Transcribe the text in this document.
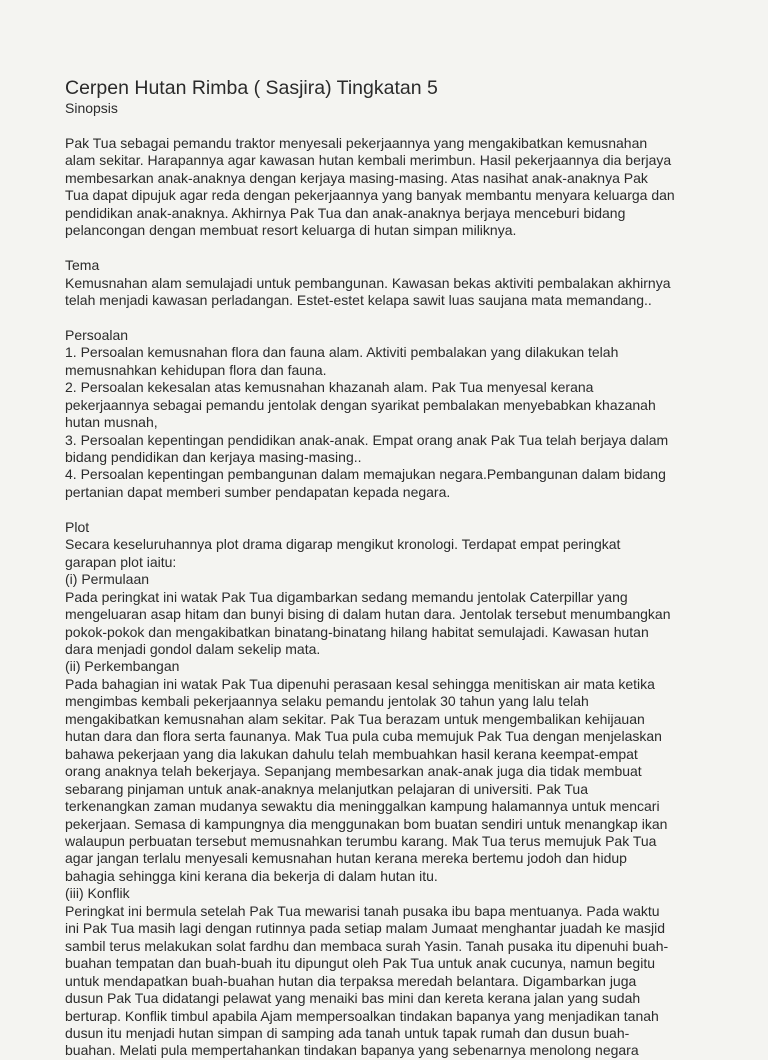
Cerpen Hutan Rimba ( Sasjira) Tingkatan 5
Sinopsis
Pak Tua sebagai pemandu traktor menyesali pekerjaannya yang mengakibatkan kemusnahan
alam sekitar. Harapannya agar kawasan hutan kembali merimbun. Hasil pekerjaannya dia berjaya
membesarkan anak-anaknya dengan kerjaya masing-masing. Atas nasihat anak-anaknya Pak
Tua dapat dipujuk agar reda dengan pekerjaannya yang banyak membantu menyara keluarga dan
pendidikan anak-anaknya. Akhirnya Pak Tua dan anak-anaknya berjaya menceburi bidang
pelancongan dengan membuat resort keluarga di hutan simpan miliknya.
Tema
Kemusnahan alam semulajadi untuk pembangunan. Kawasan bekas aktiviti pembalakan akhirnya
telah menjadi kawasan perladangan. Estet-estet kelapa sawit luas saujana mata memandang..
Persoalan
1. Persoalan kemusnahan flora dan fauna alam. Aktiviti pembalakan yang dilakukan telah
memusnahkan kehidupan flora dan fauna.
2. Persoalan kekesalan atas kemusnahan khazanah alam. Pak Tua menyesal kerana
pekerjaannya sebagai pemandu jentolak dengan syarikat pembalakan menyebabkan khazanah
hutan musnah,
3. Persoalan kepentingan pendidikan anak-anak. Empat orang anak Pak Tua telah berjaya dalam
bidang pendidikan dan kerjaya masing-masing..
4. Persoalan kepentingan pembangunan dalam memajukan negara.Pembangunan dalam bidang
pertanian dapat memberi sumber pendapatan kepada negara.
Plot
Secara keseluruhannya plot drama digarap mengikut kronologi. Terdapat empat peringkat
garapan plot iaitu:
(i) Permulaan
Pada peringkat ini watak Pak Tua digambarkan sedang memandu jentolak Caterpillar yang
mengeluaran asap hitam dan bunyi bising di dalam hutan dara. Jentolak tersebut menumbangkan
pokok-pokok dan mengakibatkan binatang-binatang hilang habitat semulajadi. Kawasan hutan
dara menjadi gondol dalam sekelip mata.
(ii) Perkembangan
Pada bahagian ini watak Pak Tua dipenuhi perasaan kesal sehingga menitiskan air mata ketika
mengimbas kembali pekerjaannya selaku pemandu jentolak 30 tahun yang lalu telah
mengakibatkan kemusnahan alam sekitar. Pak Tua berazam untuk mengembalikan kehijauan
hutan dara dan flora serta faunanya. Mak Tua pula cuba memujuk Pak Tua dengan menjelaskan
bahawa pekerjaan yang dia lakukan dahulu telah membuahkan hasil kerana keempat-empat
orang anaknya telah bekerjaya. Sepanjang membesarkan anak-anak juga dia tidak membuat
sebarang pinjaman untuk anak-anaknya melanjutkan pelajaran di universiti. Pak Tua
terkenangkan zaman mudanya sewaktu dia meninggalkan kampung halamannya untuk mencari
pekerjaan. Semasa di kampungnya dia menggunakan bom buatan sendiri untuk menangkap ikan
walaupun perbuatan tersebut memusnahkan terumbu karang. Mak Tua terus memujuk Pak Tua
agar jangan terlalu menyesali kemusnahan hutan kerana mereka bertemu jodoh dan hidup
bahagia sehingga kini kerana dia bekerja di dalam hutan itu.
(iii) Konflik
Peringkat ini bermula setelah Pak Tua mewarisi tanah pusaka ibu bapa mentuanya. Pada waktu
ini Pak Tua masih lagi dengan rutinnya pada setiap malam Jumaat menghantar juadah ke masjid
sambil terus melakukan solat fardhu dan membaca surah Yasin. Tanah pusaka itu dipenuhi buah-
buahan tempatan dan buah-buah itu dipungut oleh Pak Tua untuk anak cucunya, namun begitu
untuk mendapatkan buah-buahan hutan dia terpaksa meredah belantara. Digambarkan juga
dusun Pak Tua didatangi pelawat yang menaiki bas mini dan kereta kerana jalan yang sudah
berturap. Konflik timbul apabila Ajam mempersoalkan tindakan bapanya yang menjadikan tanah
dusun itu menjadi hutan simpan di samping ada tanah untuk tapak rumah dan dusun buah-
buahan. Melati pula mempertahankan tindakan bapanya yang sebenarnya menolong negara
